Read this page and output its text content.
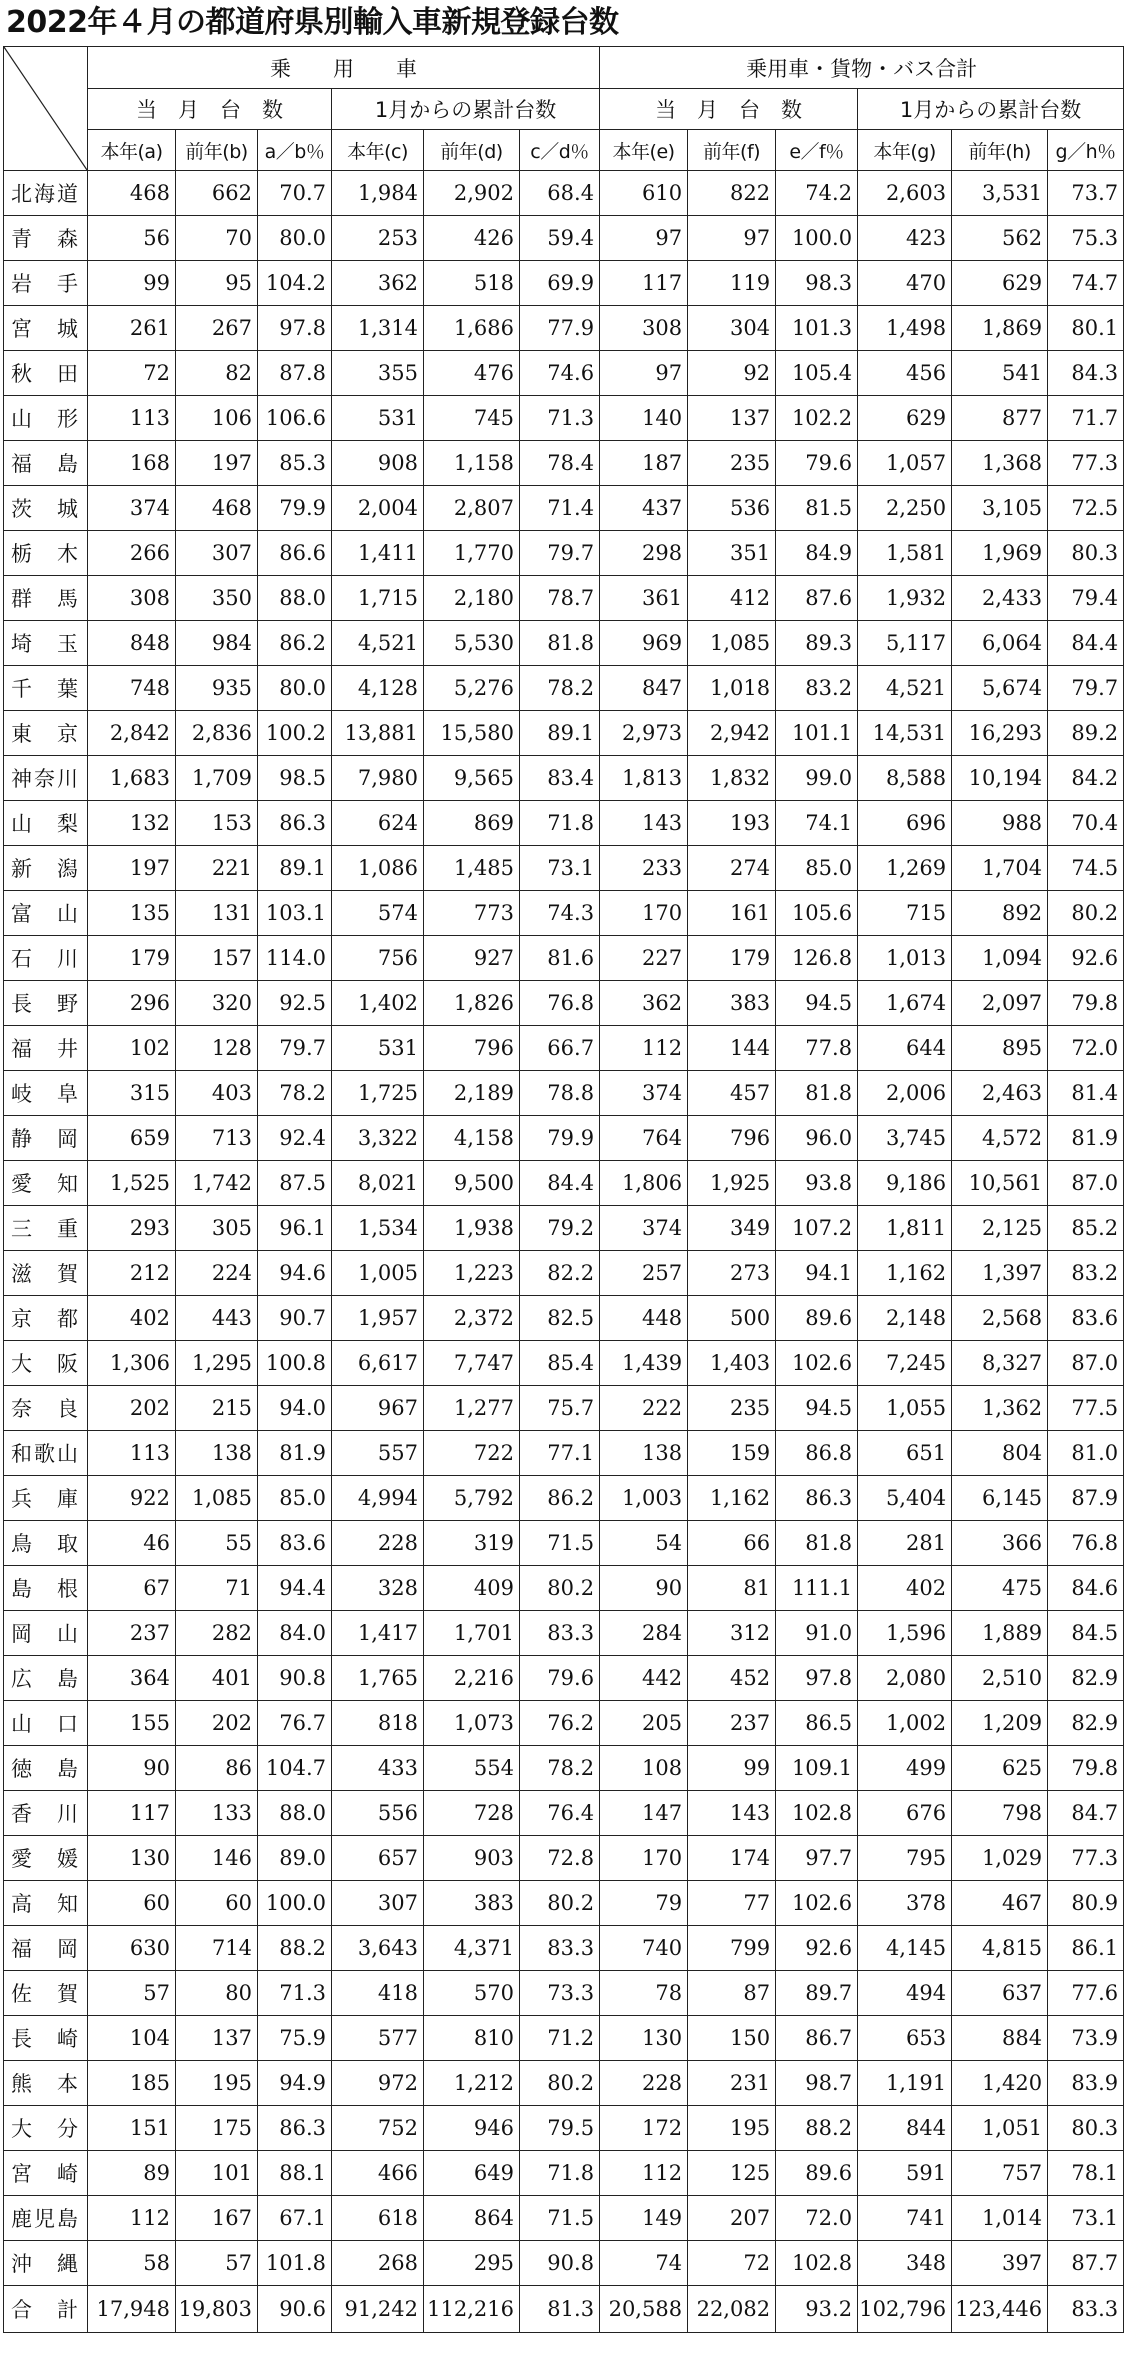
2022年４月の都道府県別輸入車新規登録台数
	乗　　用　　車						乗用車・貨物・バス合計					
	当　月　台　数			1月からの累計台数			当　月　台　数			1月からの累計台数		
	本年(a)	前年(b)	a／b％	本年(c)	前年(d)	c／d％	本年(e)	前年(f)	e／f％	本年(g)	前年(h)	g／h％
北海道	468	662	70.7	1,984	2,902	68.4	610	822	74.2	2,603	3,531	73.7
青　森	56	70	80.0	253	426	59.4	97	97	100.0	423	562	75.3
岩　手	99	95	104.2	362	518	69.9	117	119	98.3	470	629	74.7
宮　城	261	267	97.8	1,314	1,686	77.9	308	304	101.3	1,498	1,869	80.1
秋　田	72	82	87.8	355	476	74.6	97	92	105.4	456	541	84.3
山　形	113	106	106.6	531	745	71.3	140	137	102.2	629	877	71.7
福　島	168	197	85.3	908	1,158	78.4	187	235	79.6	1,057	1,368	77.3
茨　城	374	468	79.9	2,004	2,807	71.4	437	536	81.5	2,250	3,105	72.5
栃　木	266	307	86.6	1,411	1,770	79.7	298	351	84.9	1,581	1,969	80.3
群　馬	308	350	88.0	1,715	2,180	78.7	361	412	87.6	1,932	2,433	79.4
埼　玉	848	984	86.2	4,521	5,530	81.8	969	1,085	89.3	5,117	6,064	84.4
千　葉	748	935	80.0	4,128	5,276	78.2	847	1,018	83.2	4,521	5,674	79.7
東　京	2,842	2,836	100.2	13,881	15,580	89.1	2,973	2,942	101.1	14,531	16,293	89.2
神奈川	1,683	1,709	98.5	7,980	9,565	83.4	1,813	1,832	99.0	8,588	10,194	84.2
山　梨	132	153	86.3	624	869	71.8	143	193	74.1	696	988	70.4
新　潟	197	221	89.1	1,086	1,485	73.1	233	274	85.0	1,269	1,704	74.5
富　山	135	131	103.1	574	773	74.3	170	161	105.6	715	892	80.2
石　川	179	157	114.0	756	927	81.6	227	179	126.8	1,013	1,094	92.6
長　野	296	320	92.5	1,402	1,826	76.8	362	383	94.5	1,674	2,097	79.8
福　井	102	128	79.7	531	796	66.7	112	144	77.8	644	895	72.0
岐　阜	315	403	78.2	1,725	2,189	78.8	374	457	81.8	2,006	2,463	81.4
静　岡	659	713	92.4	3,322	4,158	79.9	764	796	96.0	3,745	4,572	81.9
愛　知	1,525	1,742	87.5	8,021	9,500	84.4	1,806	1,925	93.8	9,186	10,561	87.0
三　重	293	305	96.1	1,534	1,938	79.2	374	349	107.2	1,811	2,125	85.2
滋　賀	212	224	94.6	1,005	1,223	82.2	257	273	94.1	1,162	1,397	83.2
京　都	402	443	90.7	1,957	2,372	82.5	448	500	89.6	2,148	2,568	83.6
大　阪	1,306	1,295	100.8	6,617	7,747	85.4	1,439	1,403	102.6	7,245	8,327	87.0
奈　良	202	215	94.0	967	1,277	75.7	222	235	94.5	1,055	1,362	77.5
和歌山	113	138	81.9	557	722	77.1	138	159	86.8	651	804	81.0
兵　庫	922	1,085	85.0	4,994	5,792	86.2	1,003	1,162	86.3	5,404	6,145	87.9
鳥　取	46	55	83.6	228	319	71.5	54	66	81.8	281	366	76.8
島　根	67	71	94.4	328	409	80.2	90	81	111.1	402	475	84.6
岡　山	237	282	84.0	1,417	1,701	83.3	284	312	91.0	1,596	1,889	84.5
広　島	364	401	90.8	1,765	2,216	79.6	442	452	97.8	2,080	2,510	82.9
山　口	155	202	76.7	818	1,073	76.2	205	237	86.5	1,002	1,209	82.9
徳　島	90	86	104.7	433	554	78.2	108	99	109.1	499	625	79.8
香　川	117	133	88.0	556	728	76.4	147	143	102.8	676	798	84.7
愛　媛	130	146	89.0	657	903	72.8	170	174	97.7	795	1,029	77.3
高　知	60	60	100.0	307	383	80.2	79	77	102.6	378	467	80.9
福　岡	630	714	88.2	3,643	4,371	83.3	740	799	92.6	4,145	4,815	86.1
佐　賀	57	80	71.3	418	570	73.3	78	87	89.7	494	637	77.6
長　崎	104	137	75.9	577	810	71.2	130	150	86.7	653	884	73.9
熊　本	185	195	94.9	972	1,212	80.2	228	231	98.7	1,191	1,420	83.9
大　分	151	175	86.3	752	946	79.5	172	195	88.2	844	1,051	80.3
宮　崎	89	101	88.1	466	649	71.8	112	125	89.6	591	757	78.1
鹿児島	112	167	67.1	618	864	71.5	149	207	72.0	741	1,014	73.1
沖　縄	58	57	101.8	268	295	90.8	74	72	102.8	348	397	87.7
合　計	17,948	19,803	90.6	91,242	112,216	81.3	20,588	22,082	93.2	102,796	123,446	83.3
